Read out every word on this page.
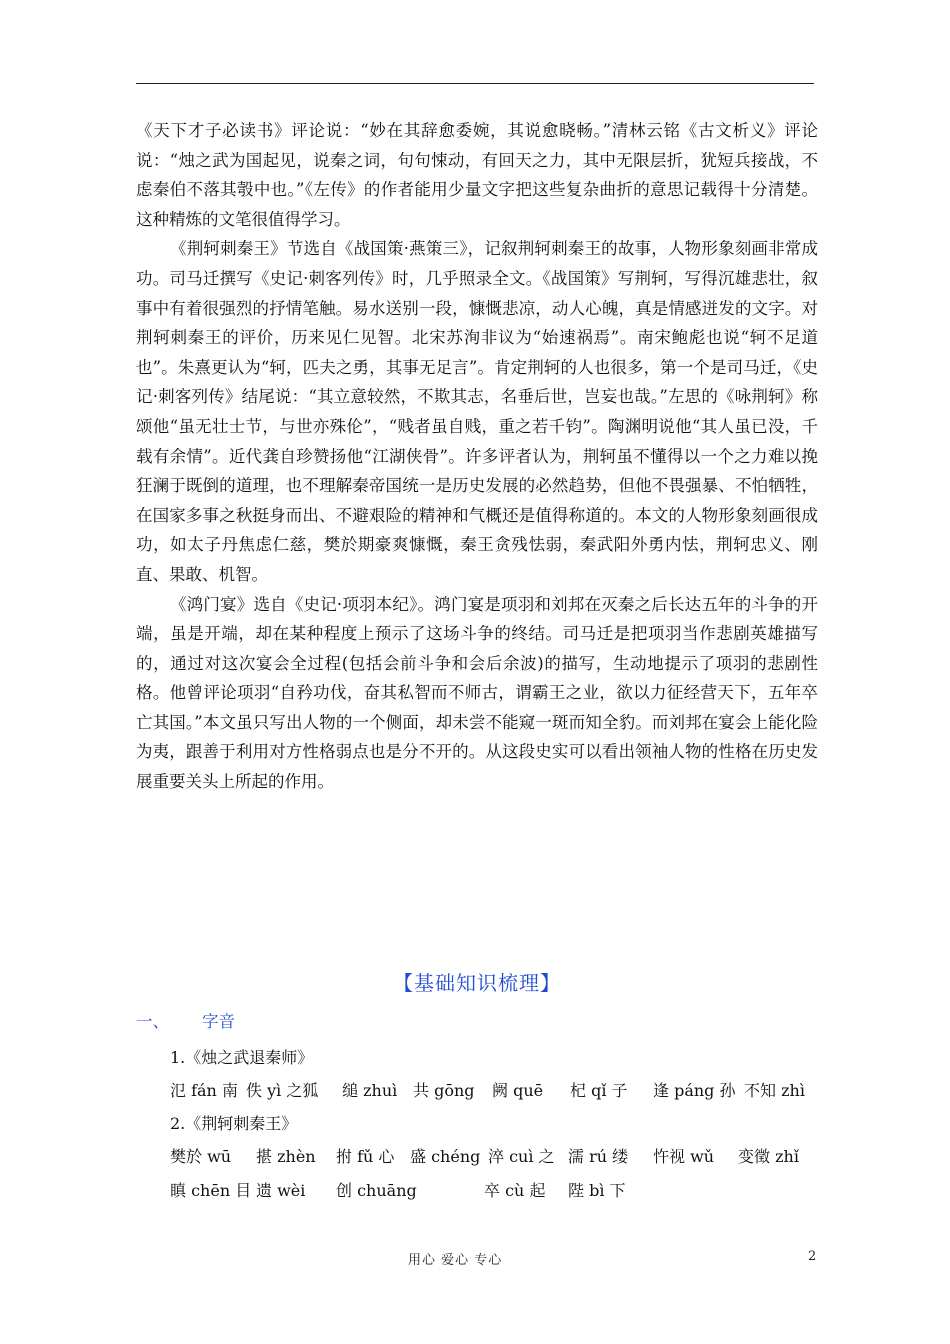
《天下才子必读书》评论说：“妙在其辞愈委婉，其说愈晓畅。”清林云铭《古文析义》评论说：“烛之武为国起见，说秦之词，句句悚动，有回天之力，其中无限层折，犹短兵接战，不虑秦伯不落其彀中也。”《左传》的作者能用少量文字把这些复杂曲折的意思记载得十分清楚。这种精炼的文笔很值得学习。

《荆轲刺秦王》节选自《战国策·燕策三》，记叙荆轲刺秦王的故事，人物形象刻画非常成功。司马迁撰写《史记·刺客列传》时，几乎照录全文。《战国策》写荆轲，写得沉雄悲壮，叙事中有着很强烈的抒情笔触。易水送别一段，慷慨悲凉，动人心魄，真是情感迸发的文字。对荆轲刺秦王的评价，历来见仁见智。北宋苏洵非议为“始速祸焉”。南宋鲍彪也说“轲不足道也”。朱熹更认为“轲，匹夫之勇，其事无足言”。肯定荆轲的人也很多，第一个是司马迁，《史记·刺客列传》结尾说：“其立意较然，不欺其志，名垂后世，岂妄也哉。”左思的《咏荆轲》称颂他“虽无壮士节，与世亦殊伦”，“贱者虽自贱，重之若千钧”。陶渊明说他“其人虽已没，千载有余情”。近代龚自珍赞扬他“江湖侠骨”。许多评者认为，荆轲虽不懂得以一个之力难以挽狂澜于既倒的道理，也不理解秦帝国统一是历史发展的必然趋势，但他不畏强暴、不怕牺牲，在国家多事之秋挺身而出、不避艰险的精神和气概还是值得称道的。本文的人物形象刻画很成功，如太子丹焦虑仁慈，樊於期豪爽慷慨，秦王贪残怯弱，秦武阳外勇内怯，荆轲忠义、刚直、果敢、机智。

《鸿门宴》选自《史记·项羽本纪》。鸿门宴是项羽和刘邦在灭秦之后长达五年的斗争的开端，虽是开端，却在某种程度上预示了这场斗争的终结。司马迁是把项羽当作悲剧英雄描写的，通过对这次宴会全过程(包括会前斗争和会后余波)的描写，生动地提示了项羽的悲剧性格。他曾评论项羽“自矜功伐，奋其私智而不师古，谓霸王之业，欲以力征经营天下，五年卒亡其国。”本文虽只写出人物的一个侧面，却未尝不能窥一斑而知全豹。而刘邦在宴会上能化险为夷，跟善于利用对方性格弱点也是分不开的。从这段史实可以看出领袖人物的性格在历史发展重要关头上所起的作用。

【基础知识梳理】
一、 字音
1.《烛之武退秦师》
氾 fán 南 佚 yì 之狐 缒 zhuì 共 gōng 阙 quē 杞 qǐ 子 逢 páng 孙 不知 zhì
2.《荆轲刺秦王》
樊於 wū 揕 zhèn 拊 fǔ 心 盛 chéng 淬 cuì 之 濡 rú 缕 忤视 wǔ 变徵 zhǐ
瞋 chēn 目 遗 wèi 创 chuāng	卒 cù 起 陛 bì 下
用心 爱心 专心	2
